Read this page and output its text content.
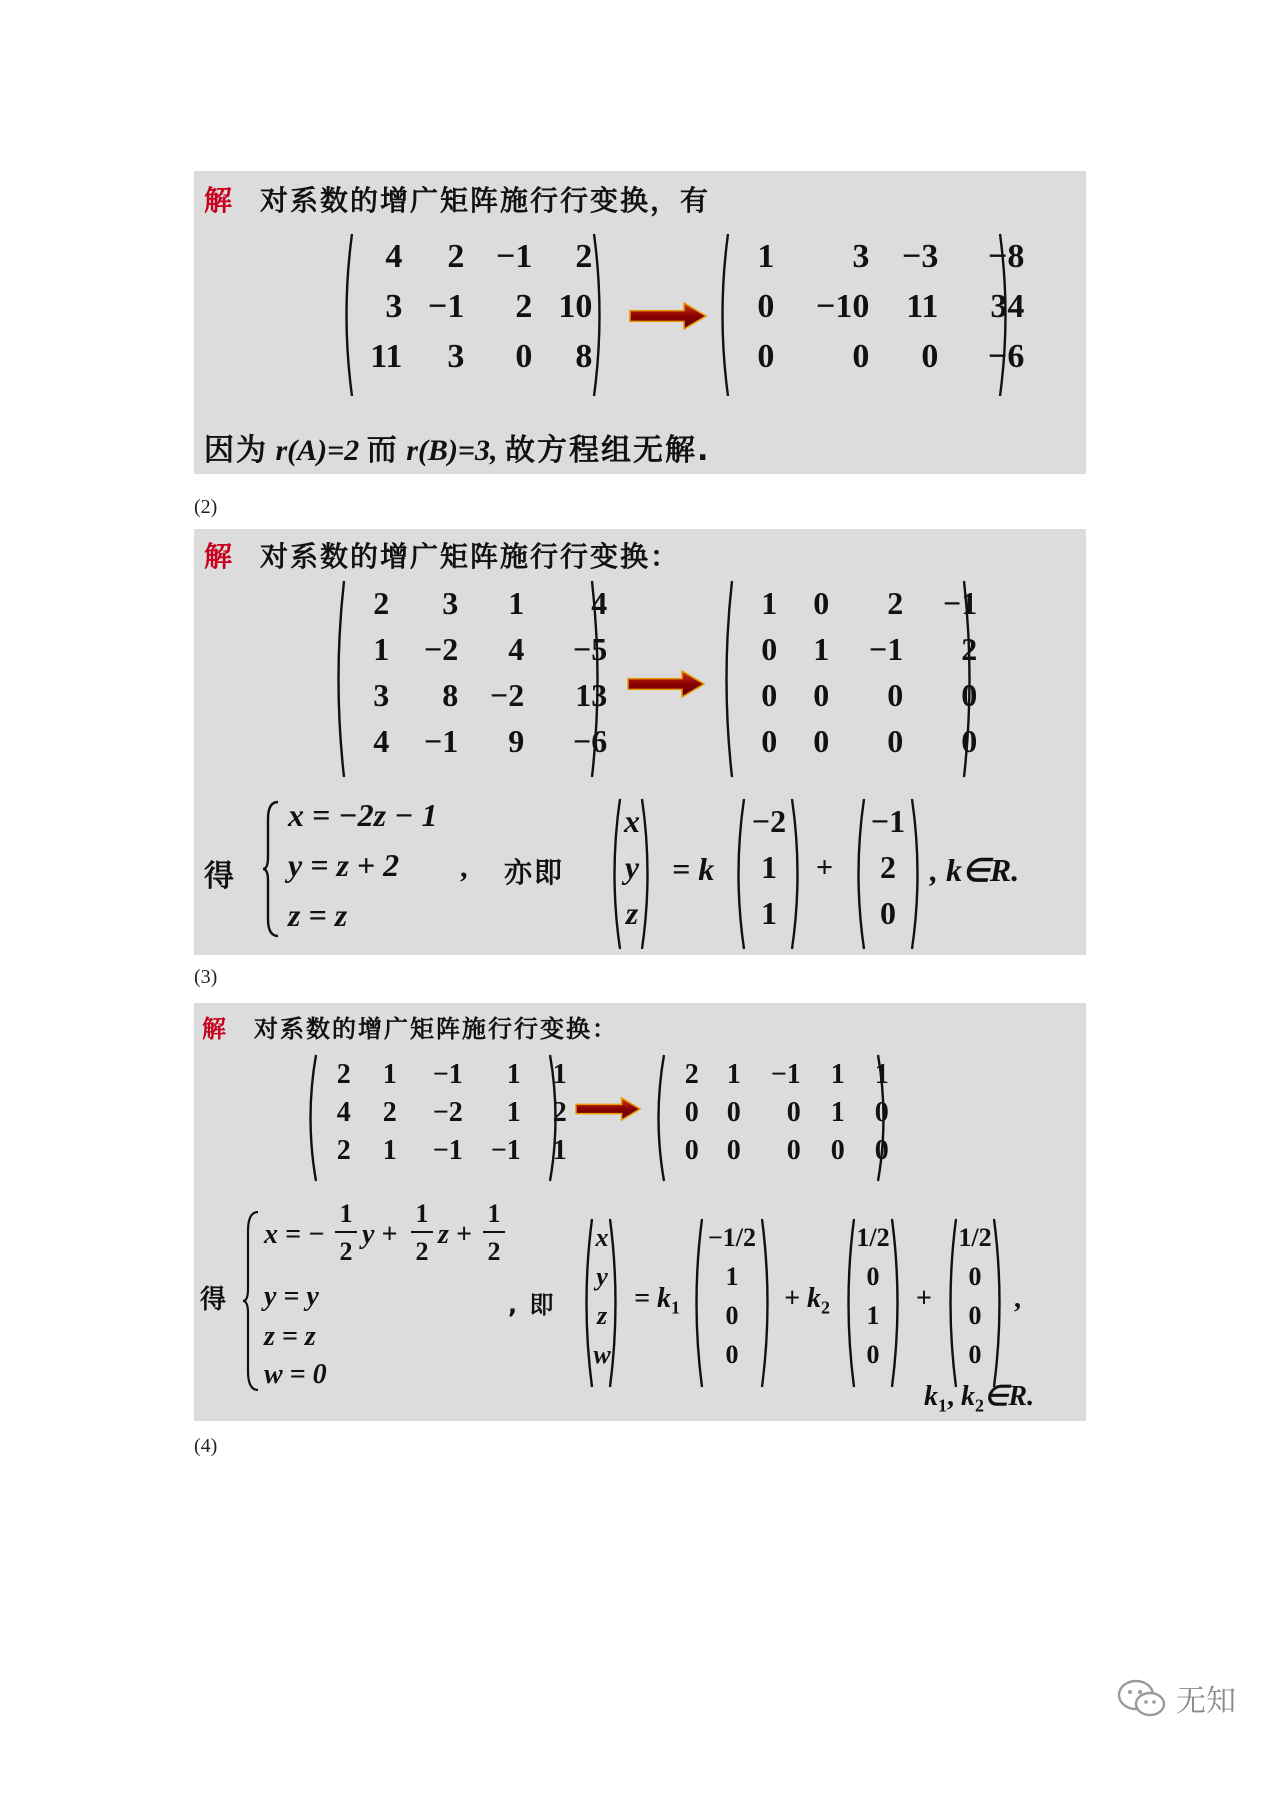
解 对系数的增广矩阵施行行变换，有
4 2 −1 2
3 −1 2 10
11 3 0 8
1 3 −3 −8
0 −10 11 34
0 0 0 −6
因为 r(A)=2 而 r(B)=3, 故方程组无解.
(2)
解 对系数的增广矩阵施行行变换：
2 3 1 4
1 −2 4 −5
3 8 −2 13
4 −1 9 −6
1 0 2 −1
0 1 −1 2
0 0 0 0
0 0 0 0
得
x = −2z − 1
y = z + 2
z = z
, 亦即
x
y
z
= k
−2
1
1
+
−1
2
0
, k∈R.
(3)
解 对系数的增广矩阵施行行变换：
2 1 −1 1 1
4 2 −2 1 2
2 1 −1 −1 1
2 1 −1 1 1
0 0 0 1 0
0 0 0 0 0
得
x = −
1
2
y +
1
2
z +
1
2
y = y
z = z
w = 0
, 即
x
y
z
w
= $k_1$
−1/2
1
0
0
+ $k_2$
1/2
0
1
0
+
1/2
0
0
0
,
$k_1$, $k_2\in R$.
(4)
无知
